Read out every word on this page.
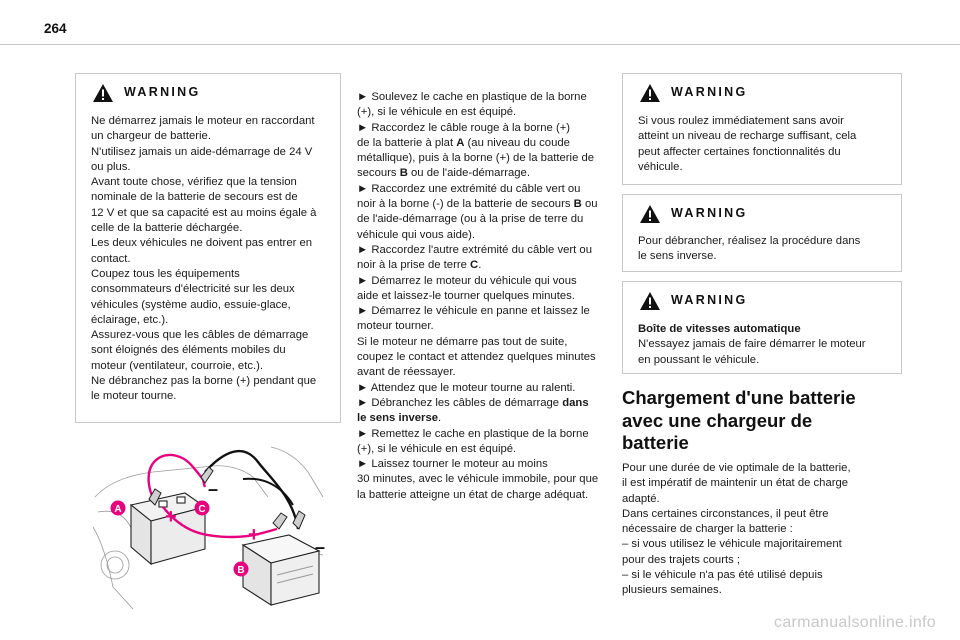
264
WARNING

Ne démarrez jamais le moteur en raccordant

un chargeur de batterie.

N'utilisez jamais un aide-démarrage de 24 V

ou plus.

Avant toute chose, vérifiez que la tension

nominale de la batterie de secours est de

12 V et que sa capacité est au moins égale à

celle de la batterie déchargée.

Les deux véhicules ne doivent pas entrer en

contact.

Coupez tous les équipements

consommateurs d'électricité sur les deux

véhicules (système audio, essuie-glace,

éclairage, etc.).

Assurez-vous que les câbles de démarrage

sont éloignés des éléments mobiles du

moteur (ventilateur, courroie, etc.).

Ne débranchez pas la borne (+) pendant que

le moteur tourne.

+
+
–
–
A	C
B

► Soulevez le cache en plastique de la borne

(+), si le véhicule en est équipé.

► Raccordez le câble rouge à la borne (+)

de la batterie à plat A (au niveau du coude

métallique), puis à la borne (+) de la batterie de

secours B ou de l'aide-démarrage.

► Raccordez une extrémité du câble vert ou

noir à la borne (-) de la batterie de secours B ou

de l'aide-démarrage (ou à la prise de terre du

véhicule qui vous aide).

► Raccordez l'autre extrémité du câble vert ou

noir à la prise de terre C.

► Démarrez le moteur du véhicule qui vous

aide et laissez-le tourner quelques minutes.

► Démarrez le véhicule en panne et laissez le

moteur tourner.

Si le moteur ne démarre pas tout de suite,

coupez le contact et attendez quelques minutes

avant de réessayer.

► Attendez que le moteur tourne au ralenti.

► Débranchez les câbles de démarrage dans

le sens inverse.

► Remettez le cache en plastique de la borne

(+), si le véhicule en est équipé.

► Laissez tourner le moteur au moins

30 minutes, avec le véhicule immobile, pour que

la batterie atteigne un état de charge adéquat.

WARNING

Si vous roulez immédiatement sans avoir

atteint un niveau de recharge suffisant, cela

peut affecter certaines fonctionnalités du

véhicule.

WARNING

Pour débrancher, réalisez la procédure dans

le sens inverse.

WARNING

Boîte de vitesses automatique

N'essayez jamais de faire démarrer le moteur

en poussant le véhicule.

Chargement d'une batterie
avec une chargeur de
batterie

Pour une durée de vie optimale de la batterie,

il est impératif de maintenir un état de charge

adapté.

Dans certaines circonstances, il peut être

nécessaire de charger la batterie :

– si vous utilisez le véhicule majoritairement

pour des trajets courts ;

– si le véhicule n'a pas été utilisé depuis

plusieurs semaines.

carmanualsonline.info
